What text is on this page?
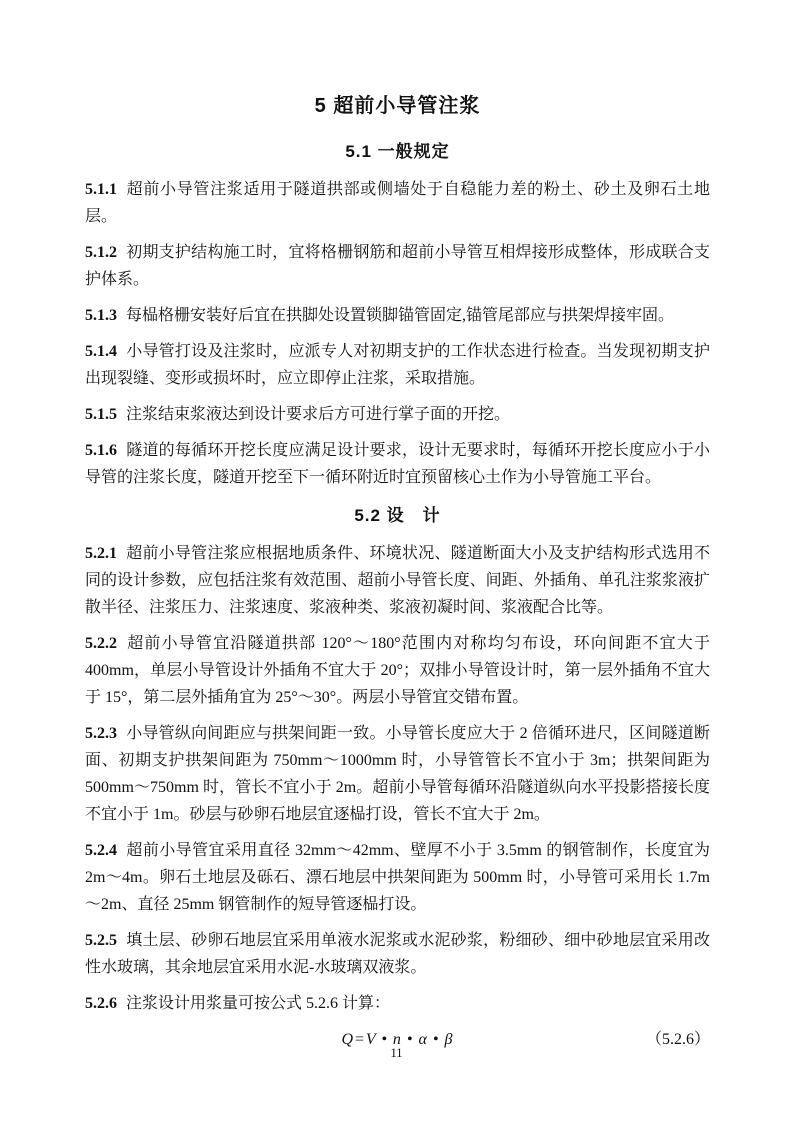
5 超前小导管注浆
5.1 一般规定

5.1.1 超前小导管注浆适用于隧道拱部或侧墙处于自稳能力差的粉土、砂土及卵石土地层。

5.1.2 初期支护结构施工时，宜将格栅钢筋和超前小导管互相焊接形成整体，形成联合支护体系。

5.1.3 每榀格栅安装好后宜在拱脚处设置锁脚锚管固定,锚管尾部应与拱架焊接牢固。

5.1.4 小导管打设及注浆时，应派专人对初期支护的工作状态进行检查。当发现初期支护出现裂缝、变形或损坏时，应立即停止注浆，采取措施。

5.1.5 注浆结束浆液达到设计要求后方可进行掌子面的开挖。

5.1.6 隧道的每循环开挖长度应满足设计要求，设计无要求时，每循环开挖长度应小于小导管的注浆长度，隧道开挖至下一循环附近时宜预留核心土作为小导管施工平台。

5.2 设　计

5.2.1 超前小导管注浆应根据地质条件、环境状况、隧道断面大小及支护结构形式选用不同的设计参数，应包括注浆有效范围、超前小导管长度、间距、外插角、单孔注浆浆液扩散半径、注浆压力、注浆速度、浆液种类、浆液初凝时间、浆液配合比等。

5.2.2 超前小导管宜沿隧道拱部 120°～180°范围内对称均匀布设，环向间距不宜大于 400mm，单层小导管设计外插角不宜大于 20°；双排小导管设计时，第一层外插角不宜大于 15°，第二层外插角宜为 25°～30°。两层小导管宜交错布置。

5.2.3 小导管纵向间距应与拱架间距一致。小导管长度应大于 2 倍循环进尺，区间隧道断面、初期支护拱架间距为 750mm～1000mm 时，小导管管长不宜小于 3m；拱架间距为 500mm～750mm 时，管长不宜小于 2m。超前小导管每循环沿隧道纵向水平投影搭接长度不宜小于 1m。砂层与砂卵石地层宜逐榀打设，管长不宜大于 2m。

5.2.4 超前小导管宜采用直径 32mm～42mm、壁厚不小于 3.5mm 的钢管制作，长度宜为 2m～4m。卵石土地层及砾石、漂石地层中拱架间距为 500mm 时，小导管可采用长 1.7m～2m、直径 25mm 钢管制作的短导管逐榀打设。

5.2.5 填土层、砂卵石地层宜采用单液水泥浆或水泥砂浆，粉细砂、细中砂地层宜采用改性水玻璃，其余地层宜采用水泥-水玻璃双液浆。

5.2.6 注浆设计用浆量可按公式 5.2.6 计算：

Q=V • n • α • β	（5.2.6）
11
